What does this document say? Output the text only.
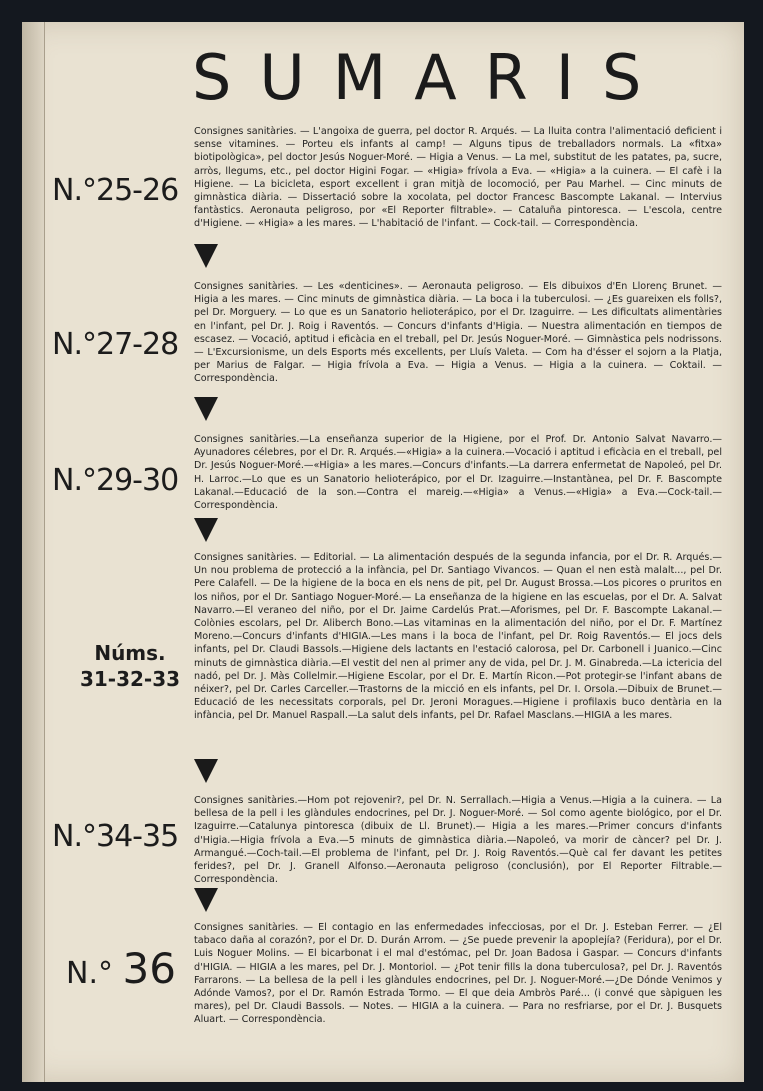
SUMARIS
N.°25-26
Consignes sanitàries. — L'angoixa de guerra, pel doctor R. Arqués. — La lluita contra l'alimentació deficient i sense vitamines. — Porteu els infants al camp! — Alguns tipus de treballadors normals. La «fitxa» biotipològica», pel doctor Jesús Noguer-Moré. — Higia a Venus. — La mel, substitut de les patates, pa, sucre, arròs, llegums, etc., pel doctor Higini Fogar. — «Higia» frívola a Eva. — «Higia» a la cuinera. — El cafè i la Higiene. — La bicicleta, esport excellent i gran mitjà de locomoció, per Pau Marhel. — Cinc minuts de gimnàstica diària. — Dissertació sobre la xocolata, pel doctor Francesc Bascompte Lakanal. — Intervius fantàstics. Aeronauta peligroso, por «El Reporter filtrable». — Cataluña pintoresca. — L'escola, centre d'Higiene. — «Higia» a les mares. — L'habitació de l'infant. — Cock-tail. — Correspondència.
N.°27-28
Consignes sanitàries. — Les «denticines». — Aeronauta peligroso. — Els dibuixos d'En Llorenç Brunet. — Higia a les mares. — Cinc minuts de gimnàstica diària. — La boca i la tuberculosi. — ¿Es guareixen els folls?, pel Dr. Morguery. — Lo que es un Sanatorio helioterápico, por el Dr. Izaguirre. — Les dificultats alimentàries en l'infant, pel Dr. J. Roig i Raventós. — Concurs d'infants d'Higia. — Nuestra alimentación en tiempos de escasez. — Vocació, aptitud i eficàcia en el treball, pel Dr. Jesús Noguer-Moré. — Gimnàstica pels nodrissons. — L'Excursionisme, un dels Esports més excellents, per Lluís Valeta. — Com ha d'ésser el sojorn a la Platja, per Marius de Falgar. — Higia frívola a Eva. — Higia a Venus. — Higia a la cuinera. — Coktail. — Correspondència.
N.°29-30
Consignes sanitàries.—La enseñanza superior de la Higiene, por el Prof. Dr. Antonio Salvat Navarro.—Ayunadores célebres, por el Dr. R. Arqués.—«Higia» a la cuinera.—Vocació i aptitud i eficàcia en el treball, pel Dr. Jesús Noguer-Moré.—«Higia» a les mares.—Concurs d'infants.—La darrera enfermetat de Napoleó, pel Dr. H. Larroc.—Lo que es un Sanatorio helioterápico, por el Dr. Izaguirre.—Instantànea, pel Dr. F. Bascompte Lakanal.—Educació de la son.—Contra el mareig.—«Higia» a Venus.—«Higia» a Eva.—Cock-tail.—Correspondència.
Núms.
31-32-33
Consignes sanitàries. — Editorial. — La alimentación después de la segunda infancia, por el Dr. R. Arqués.—Un nou problema de protecció a la infància, pel Dr. Santiago Vivancos. — Quan el nen està malalt..., pel Dr. Pere Calafell. — De la higiene de la boca en els nens de pit, pel Dr. August Brossa.—Los picores o pruritos en los niños, por el Dr. Santiago Noguer-Moré.— La enseñanza de la higiene en las escuelas, por el Dr. A. Salvat Navarro.—El veraneo del niño, por el Dr. Jaime Cardelús Prat.—Aforismes, pel Dr. F. Bascompte Lakanal.—Colònies escolars, pel Dr. Aliberch Bono.—Las vitaminas en la alimentación del niño, por el Dr. F. Martínez Moreno.—Concurs d'infants d'HIGIA.—Les mans i la boca de l'infant, pel Dr. Roig Raventós.— El jocs dels infants, pel Dr. Claudi Bassols.—Higiene dels lactants en l'estació calorosa, pel Dr. Carbonell i Juanico.—Cinc minuts de gimnàstica diària.—El vestit del nen al primer any de vida, pel Dr. J. M. Ginabreda.—La ictericia del nadó, pel Dr. J. Màs Collelmir.—Higiene Escolar, por el Dr. E. Martín Ricon.—Pot protegir-se l'infant abans de néixer?, pel Dr. Carles Carceller.—Trastorns de la micció en els infants, pel Dr. I. Orsola.—Dibuix de Brunet.—Educació de les necessitats corporals, pel Dr. Jeroni Moragues.—Higiene i profilaxis buco dentària en la infància, pel Dr. Manuel Raspall.—La salut dels infants, pel Dr. Rafael Masclans.—HIGIA a les mares.
N.°34-35
Consignes sanitàries.—Hom pot rejovenir?, pel Dr. N. Serrallach.—Higia a Venus.—Higia a la cuinera. — La bellesa de la pell i les glàndules endocrines, pel Dr. J. Noguer-Moré. — Sol como agente biológico, por el Dr. Izaguirre.—Catalunya pintoresca (dibuix de Ll. Brunet).— Higia a les mares.—Primer concurs d'infants d'Higia.—Higia frívola a Eva.—5 minuts de gimnàstica diària.—Napoleó, va morir de càncer? pel Dr. J. Armangué.—Coch-tail.—El problema de l'infant, pel Dr. J. Roig Raventós.—Què cal fer davant les petites ferides?, pel Dr. J. Granell Alfonso.—Aeronauta peligroso (conclusión), por El Reporter Filtrable.—Correspondència.
N.° 36
Consignes sanitàries. — El contagio en las enfermedades infecciosas, por el Dr. J. Esteban Ferrer. — ¿El tabaco daña al corazón?, por el Dr. D. Durán Arrom. — ¿Se puede prevenir la apoplejía? (Feridura), por el Dr. Luis Noguer Molins. — El bicarbonat i el mal d'estómac, pel Dr. Joan Badosa i Gaspar. — Concurs d'infants d'HIGIA. — HIGIA a les mares, pel Dr. J. Montoriol. — ¿Pot tenir fills la dona tuberculosa?, pel Dr. J. Raventós Farrarons. — La bellesa de la pell i les glàndules endocrines, pel Dr. J. Noguer-Moré.—¿De Dónde Venimos y Adónde Vamos?, por el Dr. Ramón Estrada Tormo. — El que deia Ambròs Paré... (i convé que sàpiguen les mares), pel Dr. Claudi Bassols. — Notes. — HIGIA a la cuinera. — Para no resfriarse, por el Dr. J. Busquets Aluart. — Correspondència.
